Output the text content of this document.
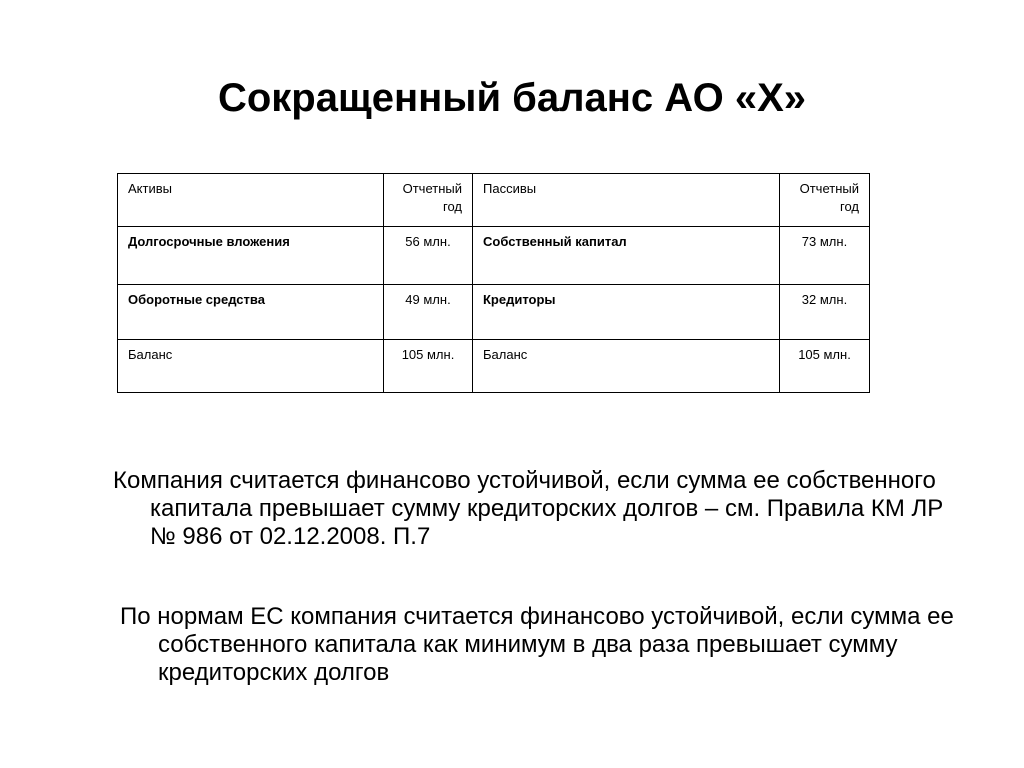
Сокращенный баланс АО «Х»
Активы	Отчетный год	Пассивы	Отчетный год
Долгосрочные вложения	56 млн.	Собственный капитал	73 млн.
Оборотные средства	49 млн.	Кредиторы	32 млн.
Баланс	105 млн.	Баланс	105 млн.

Компания считается финансово устойчивой, если сумма ее собственного капитала превышает сумму кредиторских долгов – см. Правила КМ ЛР № 986 от 02.12.2008. П.7

По нормам ЕС компания считается финансово устойчивой, если сумма ее собственного капитала как минимум в два раза превышает сумму кредиторских долгов
